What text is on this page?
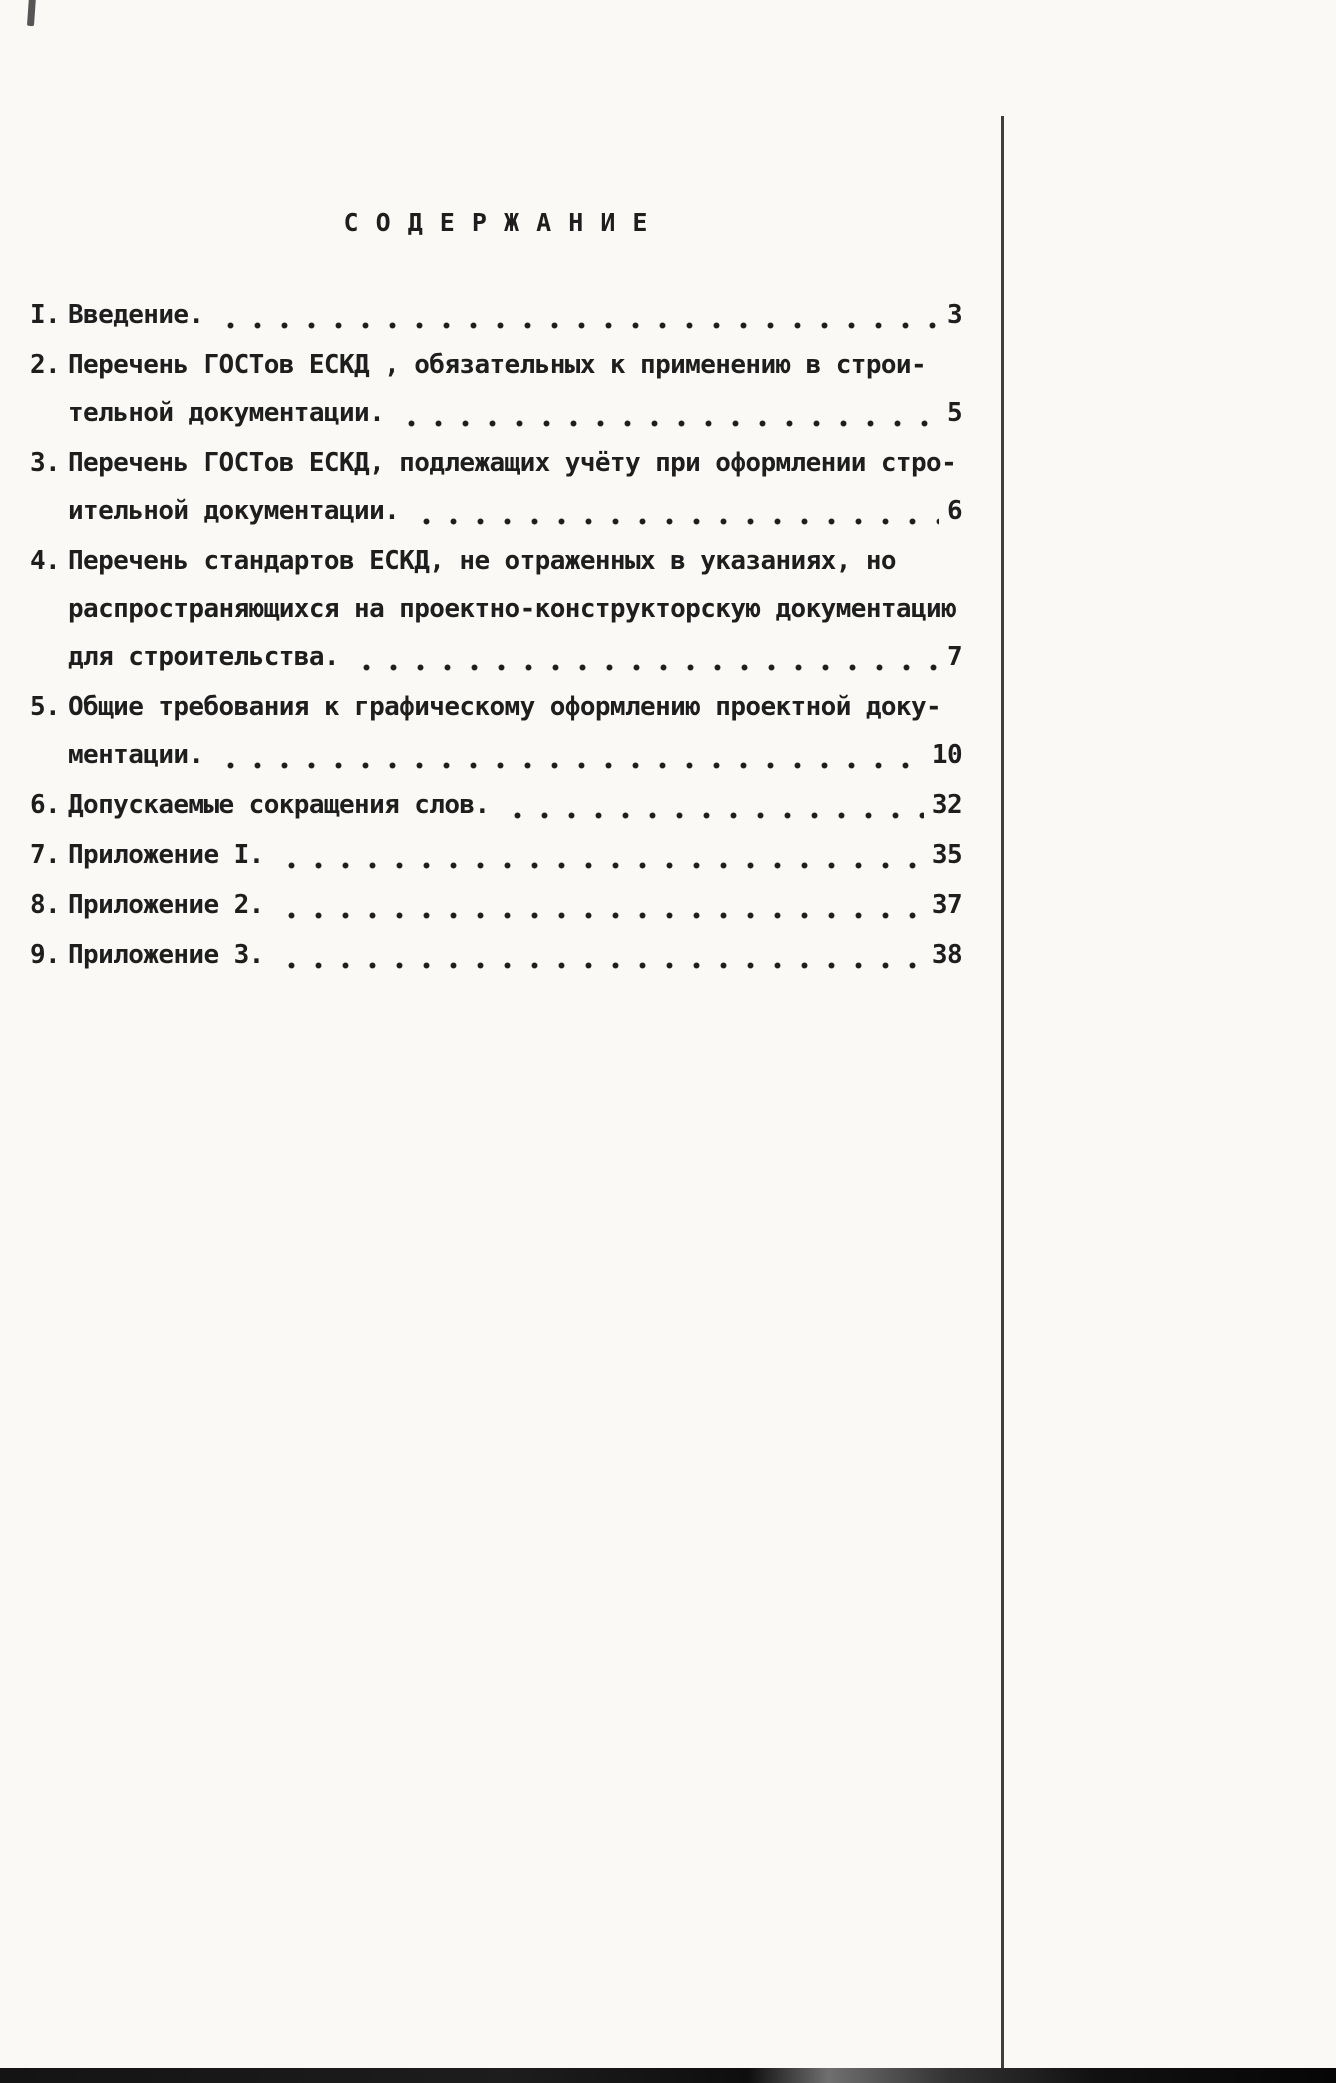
С О Д Е Р Ж А Н И Е
I. Введение.	3
2. Перечень ГОСТов ЕСКД , обязательных к применению в строи-
тельной документации.	5
3. Перечень ГОСТов ЕСКД, подлежащих учёту при оформлении стро-
ительной документации.	6
4. Перечень стандартов ЕСКД, не отраженных в указаниях, но
распространяющихся на проектно-конструкторскую документацию
для строительства.	7
5. Общие требования к графическому оформлению проектной доку-
ментации.	10
6. Допускаемые сокращения слов.	32
7. Приложение I.	35
8. Приложение 2.	37
9. Приложение 3.	38
